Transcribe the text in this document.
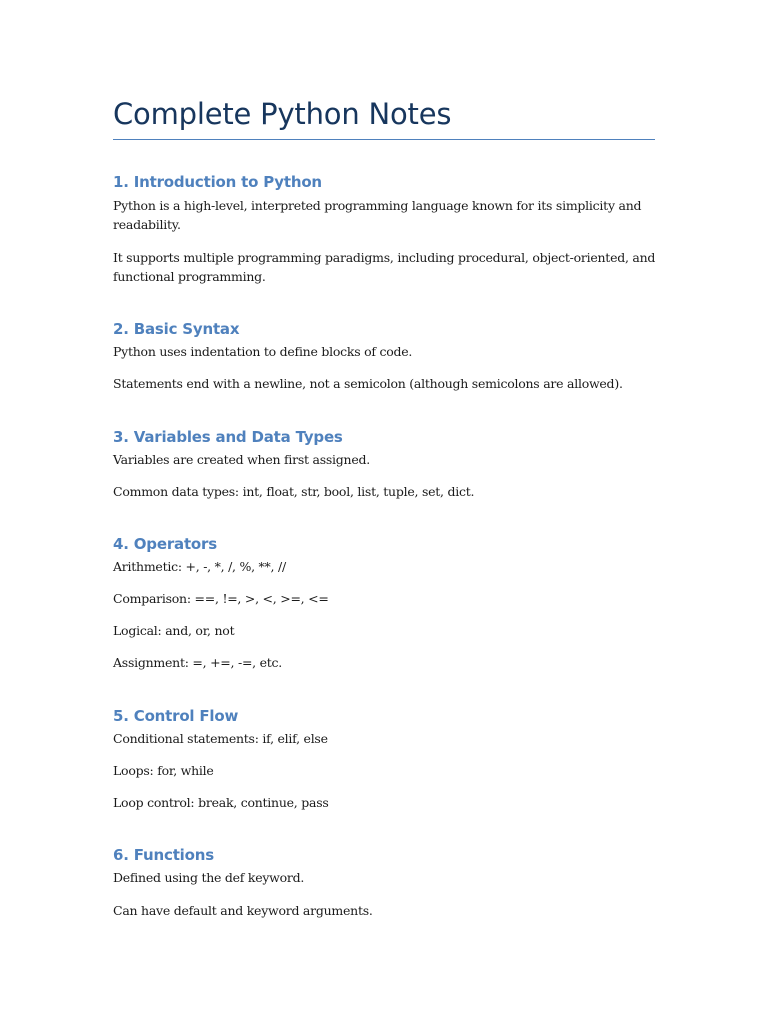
Complete Python Notes
1. Introduction to Python

Python is a high-level, interpreted programming language known for its simplicity and readability.

It supports multiple programming paradigms, including procedural, object-oriented, and functional programming.

2. Basic Syntax

Python uses indentation to define blocks of code.

Statements end with a newline, not a semicolon (although semicolons are allowed).

3. Variables and Data Types

Variables are created when first assigned.

Common data types: int, float, str, bool, list, tuple, set, dict.

4. Operators

Arithmetic: +, -, *, /, %, **, //

Comparison: ==, !=, >, <, >=, <=

Logical: and, or, not

Assignment: =, +=, -=, etc.

5. Control Flow

Conditional statements: if, elif, else

Loops: for, while

Loop control: break, continue, pass

6. Functions

Defined using the def keyword.

Can have default and keyword arguments.
